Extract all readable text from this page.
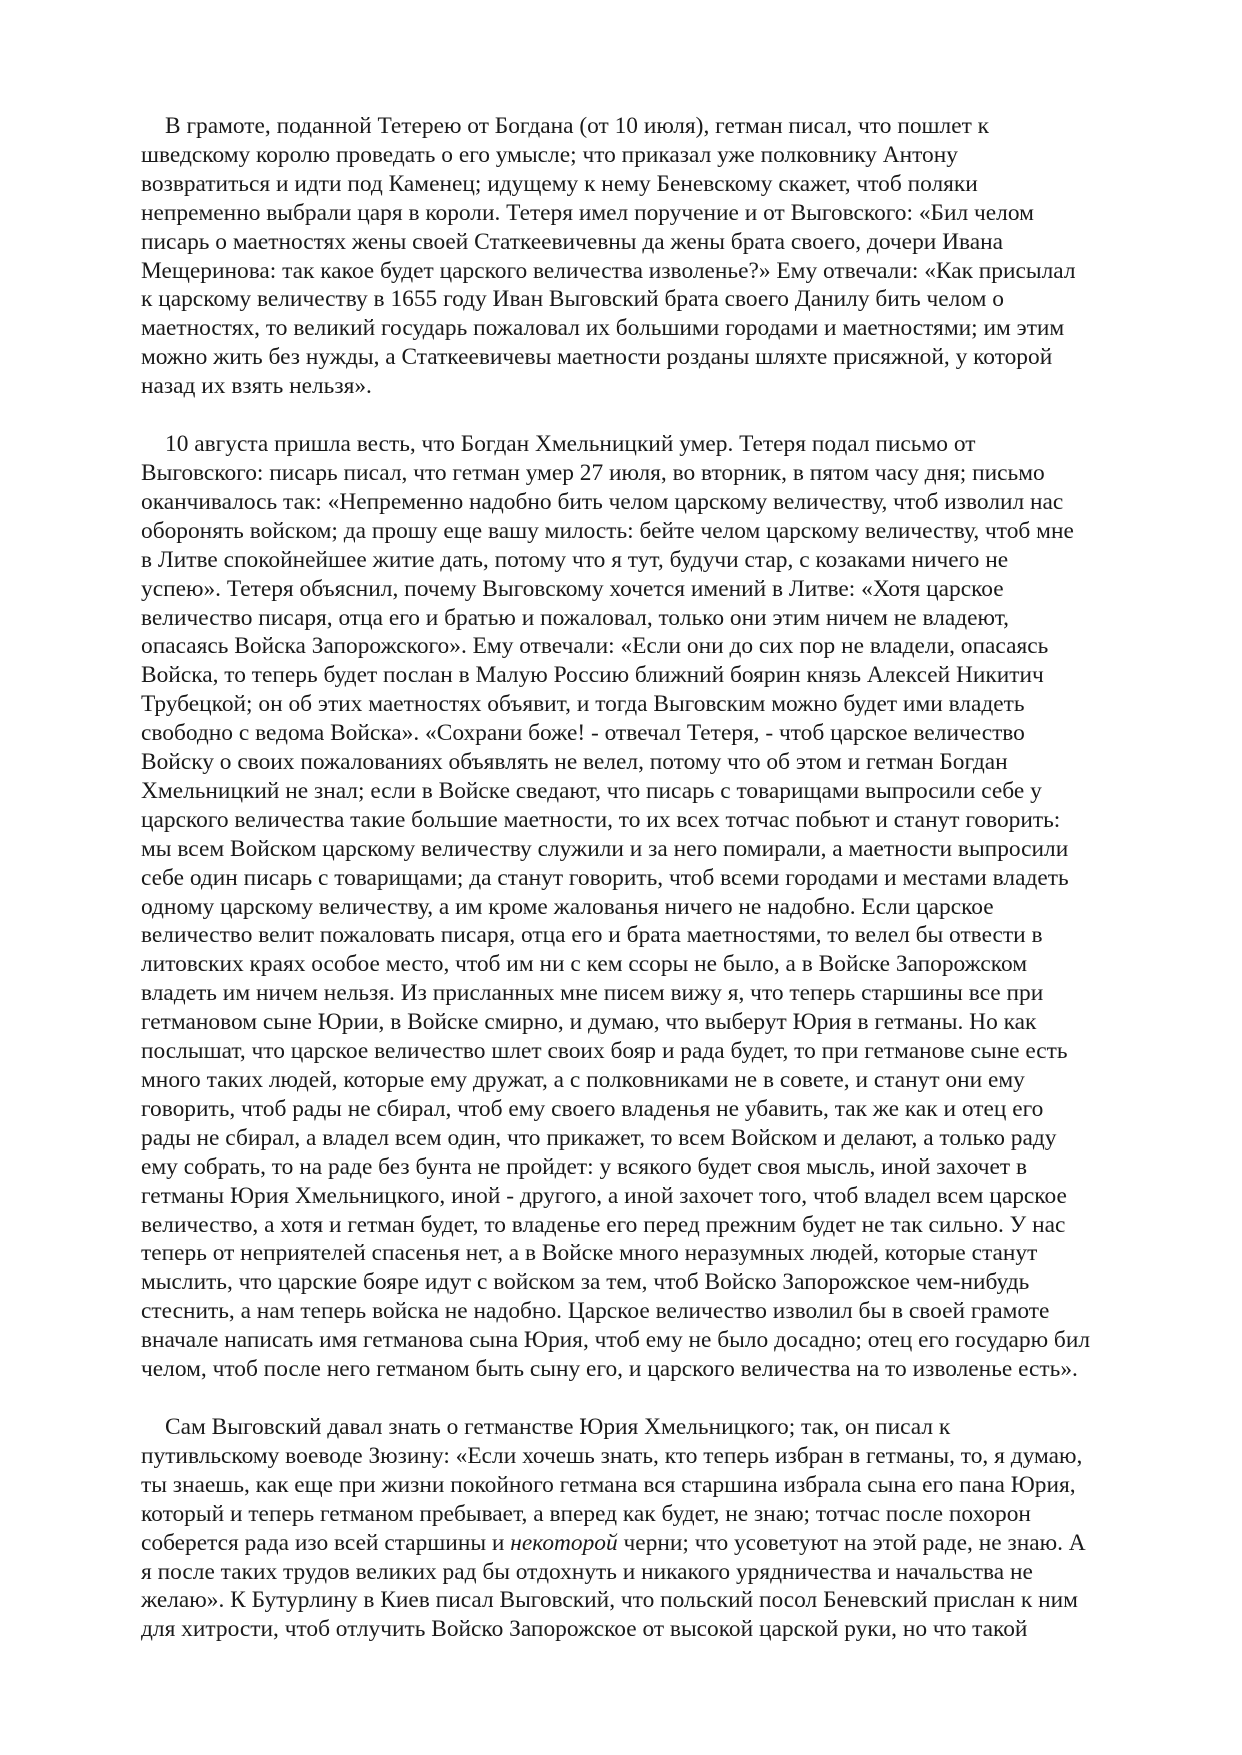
В грамоте, поданной Тетерею от Богдана (от 10 июля), гетман писал, что пошлет к
шведскому королю проведать о его умысле; что приказал уже полковнику Антону
возвратиться и идти под Каменец; идущему к нему Беневскому скажет, чтоб поляки
непременно выбрали царя в короли. Тетеря имел поручение и от Выговского: «Бил челом
писарь о маетностях жены своей Статкеевичевны да жены брата своего, дочери Ивана
Мещеринова: так какое будет царского величества изволенье?» Ему отвечали: «Как присылал
к царскому величеству в 1655 году Иван Выговский брата своего Данилу бить челом о
маетностях, то великий государь пожаловал их большими городами и маетностями; им этим
можно жить без нужды, а Статкеевичевы маетности розданы шляхте присяжной, у которой
назад их взять нельзя».

10 августа пришла весть, что Богдан Хмельницкий умер. Тетеря подал письмо от
Выговского: писарь писал, что гетман умер 27 июля, во вторник, в пятом часу дня; письмо
оканчивалось так: «Непременно надобно бить челом царскому величеству, чтоб изволил нас
оборонять войском; да прошу еще вашу милость: бейте челом царскому величеству, чтоб мне
в Литве спокойнейшее житие дать, потому что я тут, будучи стар, с козаками ничего не
успею». Тетеря объяснил, почему Выговскому хочется имений в Литве: «Хотя царское
величество писаря, отца его и братью и пожаловал, только они этим ничем не владеют,
опасаясь Войска Запорожского». Ему отвечали: «Если они до сих пор не владели, опасаясь
Войска, то теперь будет послан в Малую Россию ближний боярин князь Алексей Никитич
Трубецкой; он об этих маетностях объявит, и тогда Выговским можно будет ими владеть
свободно с ведома Войска». «Сохрани боже! - отвечал Тетеря, - чтоб царское величество
Войску о своих пожалованиях объявлять не велел, потому что об этом и гетман Богдан
Хмельницкий не знал; если в Войске сведают, что писарь с товарищами выпросили себе у
царского величества такие большие маетности, то их всех тотчас побьют и станут говорить:
мы всем Войском царскому величеству служили и за него помирали, а маетности выпросили
себе один писарь с товарищами; да станут говорить, чтоб всеми городами и местами владеть
одному царскому величеству, а им кроме жалованья ничего не надобно. Если царское
величество велит пожаловать писаря, отца его и брата маетностями, то велел бы отвести в
литовских краях особое место, чтоб им ни с кем ссоры не было, а в Войске Запорожском
владеть им ничем нельзя. Из присланных мне писем вижу я, что теперь старшины все при
гетмановом сыне Юрии, в Войске смирно, и думаю, что выберут Юрия в гетманы. Но как
послышат, что царское величество шлет своих бояр и рада будет, то при гетманове сыне есть
много таких людей, которые ему дружат, а с полковниками не в совете, и станут они ему
говорить, чтоб рады не сбирал, чтоб ему своего владенья не убавить, так же как и отец его
рады не сбирал, а владел всем один, что прикажет, то всем Войском и делают, а только раду
ему собрать, то на раде без бунта не пройдет: у всякого будет своя мысль, иной захочет в
гетманы Юрия Хмельницкого, иной - другого, а иной захочет того, чтоб владел всем царское
величество, а хотя и гетман будет, то владенье его перед прежним будет не так сильно. У нас
теперь от неприятелей спасенья нет, а в Войске много неразумных людей, которые станут
мыслить, что царские бояре идут с войском за тем, чтоб Войско Запорожское чем-нибудь
стеснить, а нам теперь войска не надобно. Царское величество изволил бы в своей грамоте
вначале написать имя гетманова сына Юрия, чтоб ему не было досадно; отец его государю бил
челом, чтоб после него гетманом быть сыну его, и царского величества на то изволенье есть».

Сам Выговский давал знать о гетманстве Юрия Хмельницкого; так, он писал к
путивльскому воеводе Зюзину: «Если хочешь знать, кто теперь избран в гетманы, то, я думаю,
ты знаешь, как еще при жизни покойного гетмана вся старшина избрала сына его пана Юрия,
который и теперь гетманом пребывает, а вперед как будет, не знаю; тотчас после похорон
соберется рада изо всей старшины и некоторой черни; что усоветуют на этой раде, не знаю. А
я после таких трудов великих рад бы отдохнуть и никакого урядничества и начальства не
желаю». К Бутурлину в Киев писал Выговский, что польский посол Беневский прислан к ним
для хитрости, чтоб отлучить Войско Запорожское от высокой царской руки, но что такой
